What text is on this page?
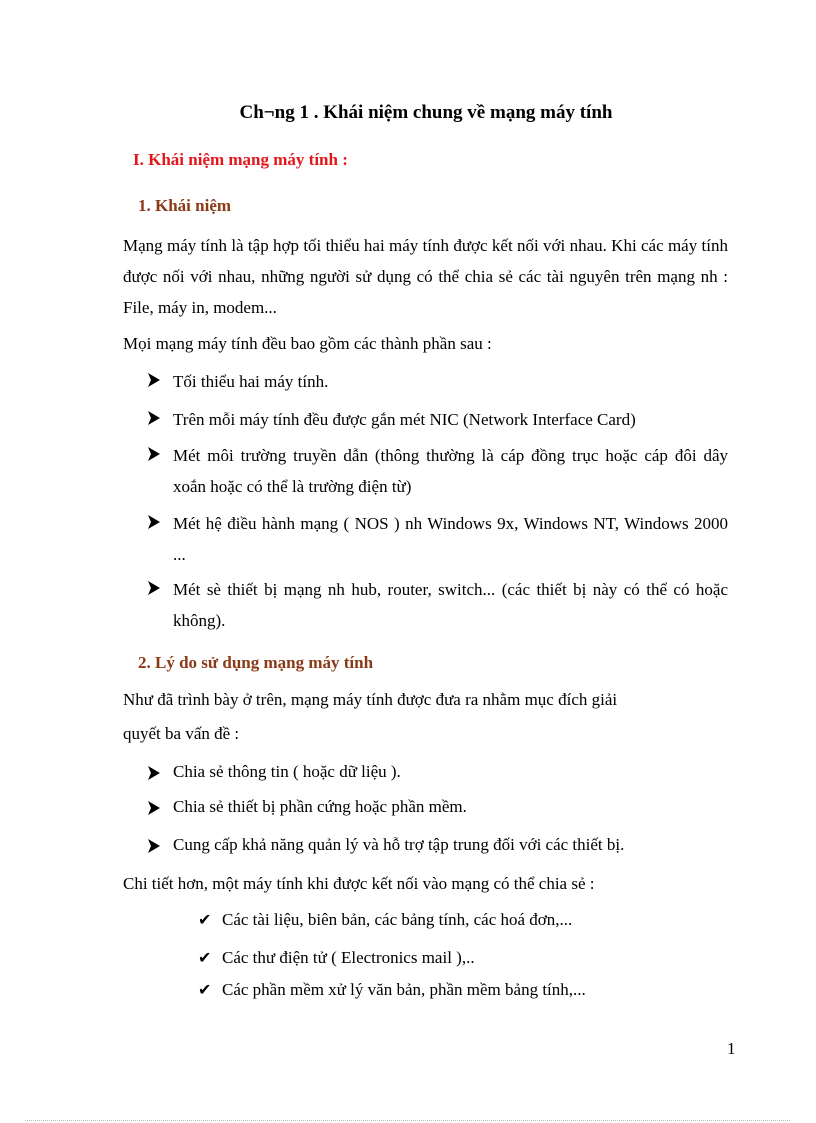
Ch¬ng 1 . Khái niệm chung về mạng máy tính
I. Khái niệm mạng máy tính :
1. Khái niệm
Mạng máy tính là tập hợp tối thiểu hai máy tính được kết nối với nhau. Khi các máy tính được nối với nhau, những người sử dụng có thể chia sẻ các tài nguyên trên mạng nh : File, máy in, modem...
Mọi mạng máy tính đều bao gồm các thành phần sau :
Tối thiểu hai máy tính.
Trên mỗi máy tính đều được gắn mét NIC (Network Interface Card)
Mét môi trường truyền dẫn (thông thường là cáp đồng trục hoặc cáp đôi dây xoắn hoặc có thể là trường điện từ)
Mét hệ điều hành mạng ( NOS ) nh Windows 9x, Windows NT, Windows 2000 ...
Mét sè thiết bị mạng nh hub, router, switch... (các thiết bị này có thể có hoặc không).
2. Lý do sử dụng mạng máy tính
Như đã trình bày ở trên, mạng máy tính được đưa ra nhằm mục đích giải
quyết ba vấn đề :
Chia sẻ thông tin ( hoặc dữ liệu ).
Chia sẻ thiết bị phần cứng hoặc phần mềm.
Cung cấp khả năng quản lý và hỗ trợ tập trung đối với các thiết bị.
Chi tiết hơn, một máy tính khi được kết nối vào mạng có thể chia sẻ :
✔ Các tài liệu, biên bản, các bảng tính, các hoá đơn,...
✔ Các thư điện tử ( Electronics mail ),..
✔ Các phần mềm xử lý văn bản, phần mềm bảng tính,...
1
